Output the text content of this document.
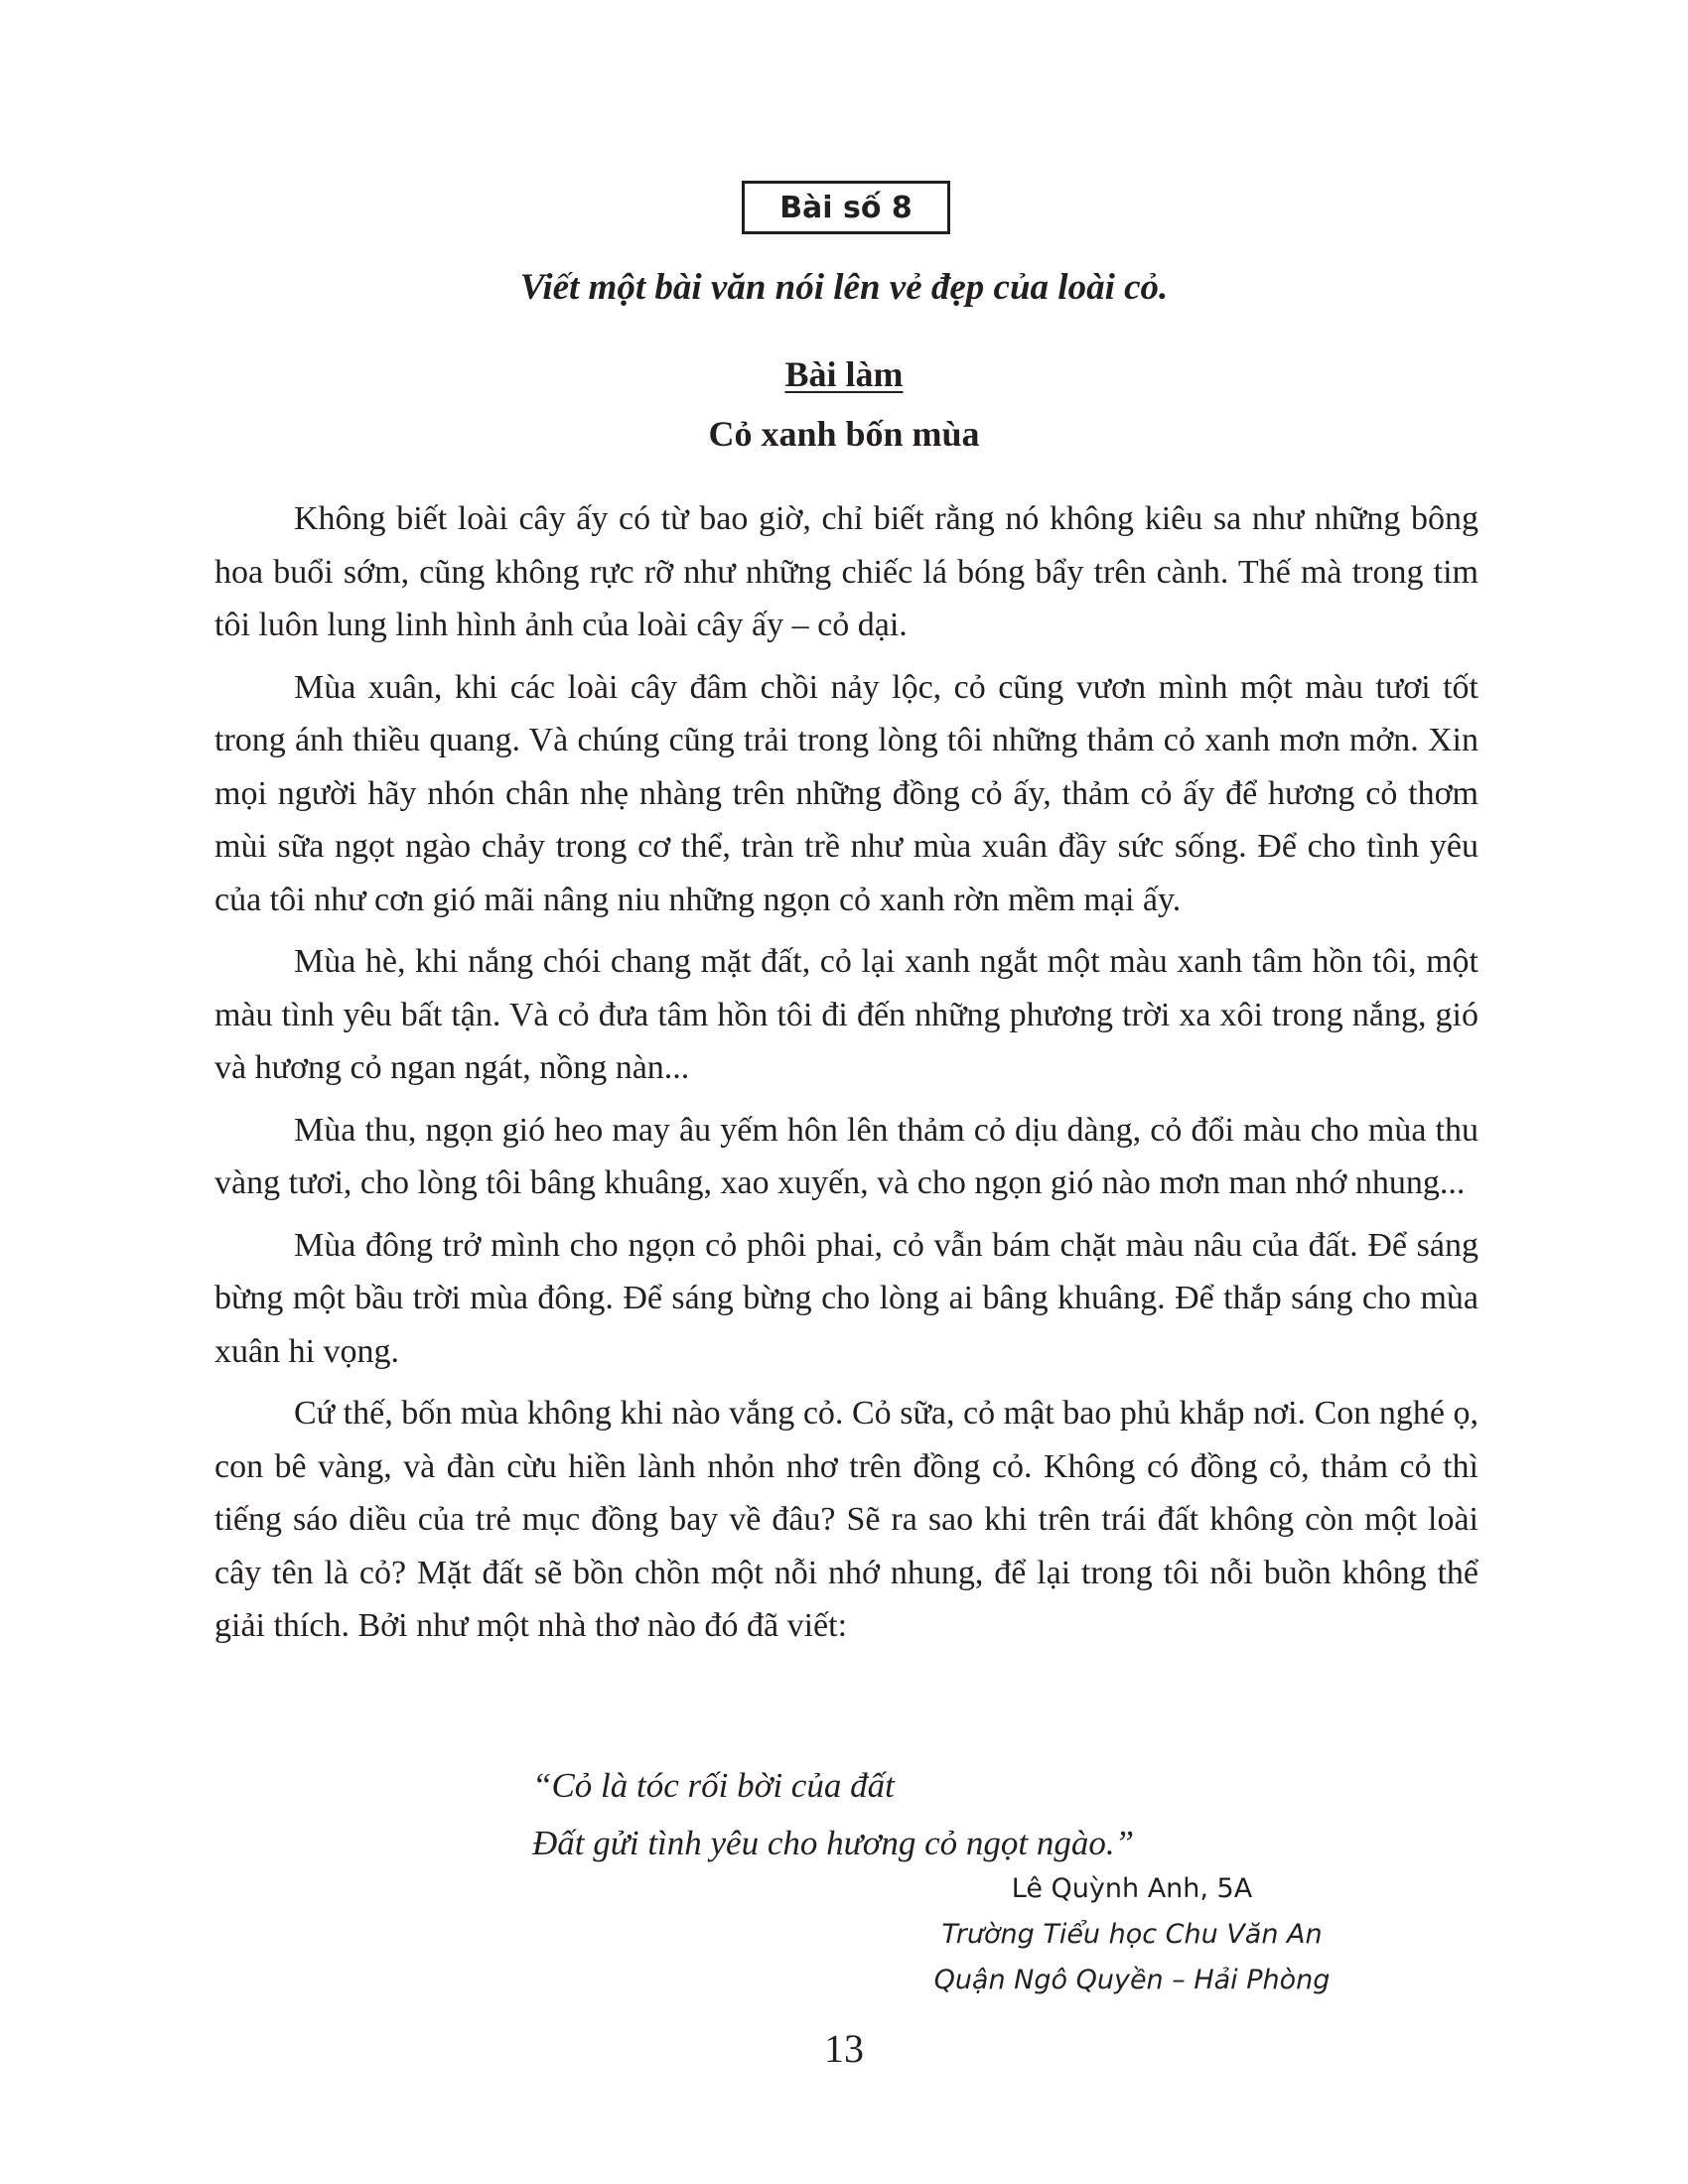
Bài số 8
Viết một bài văn nói lên vẻ đẹp của loài cỏ.
Bài làm
Cỏ xanh bốn mùa

Không biết loài cây ấy có từ bao giờ, chỉ biết rằng nó không kiêu sa như những bông hoa buổi sớm, cũng không rực rỡ như những chiếc lá bóng bẩy trên cành. Thế mà trong tim tôi luôn lung linh hình ảnh của loài cây ấy – cỏ dại.

Mùa xuân, khi các loài cây đâm chồi nảy lộc, cỏ cũng vươn mình một màu tươi tốt trong ánh thiều quang. Và chúng cũng trải trong lòng tôi những thảm cỏ xanh mơn mởn. Xin mọi người hãy nhón chân nhẹ nhàng trên những đồng cỏ ấy, thảm cỏ ấy để hương cỏ thơm mùi sữa ngọt ngào chảy trong cơ thể, tràn trề như mùa xuân đầy sức sống. Để cho tình yêu của tôi như cơn gió mãi nâng niu những ngọn cỏ xanh rờn mềm mại ấy.

Mùa hè, khi nắng chói chang mặt đất, cỏ lại xanh ngắt một màu xanh tâm hồn tôi, một màu tình yêu bất tận. Và cỏ đưa tâm hồn tôi đi đến những phương trời xa xôi trong nắng, gió và hương cỏ ngan ngát, nồng nàn...

Mùa thu, ngọn gió heo may âu yếm hôn lên thảm cỏ dịu dàng, cỏ đổi màu cho mùa thu vàng tươi, cho lòng tôi bâng khuâng, xao xuyến, và cho ngọn gió nào mơn man nhớ nhung...

Mùa đông trở mình cho ngọn cỏ phôi phai, cỏ vẫn bám chặt màu nâu của đất. Để sáng bừng một bầu trời mùa đông. Để sáng bừng cho lòng ai bâng khuâng. Để thắp sáng cho mùa xuân hi vọng.

Cứ thế, bốn mùa không khi nào vắng cỏ. Cỏ sữa, cỏ mật bao phủ khắp nơi. Con nghé ọ, con bê vàng, và đàn cừu hiền lành nhỏn nhơ trên đồng cỏ. Không có đồng cỏ, thảm cỏ thì tiếng sáo diều của trẻ mục đồng bay về đâu? Sẽ ra sao khi trên trái đất không còn một loài cây tên là cỏ? Mặt đất sẽ bồn chồn một nỗi nhớ nhung, để lại trong tôi nỗi buồn không thể giải thích. Bởi như một nhà thơ nào đó đã viết:

“Cỏ là tóc rối bời của đất
Đất gửi tình yêu cho hương cỏ ngọt ngào.”
Lê Quỳnh Anh, 5A
Trường Tiểu học Chu Văn An
Quận Ngô Quyền – Hải Phòng
13
